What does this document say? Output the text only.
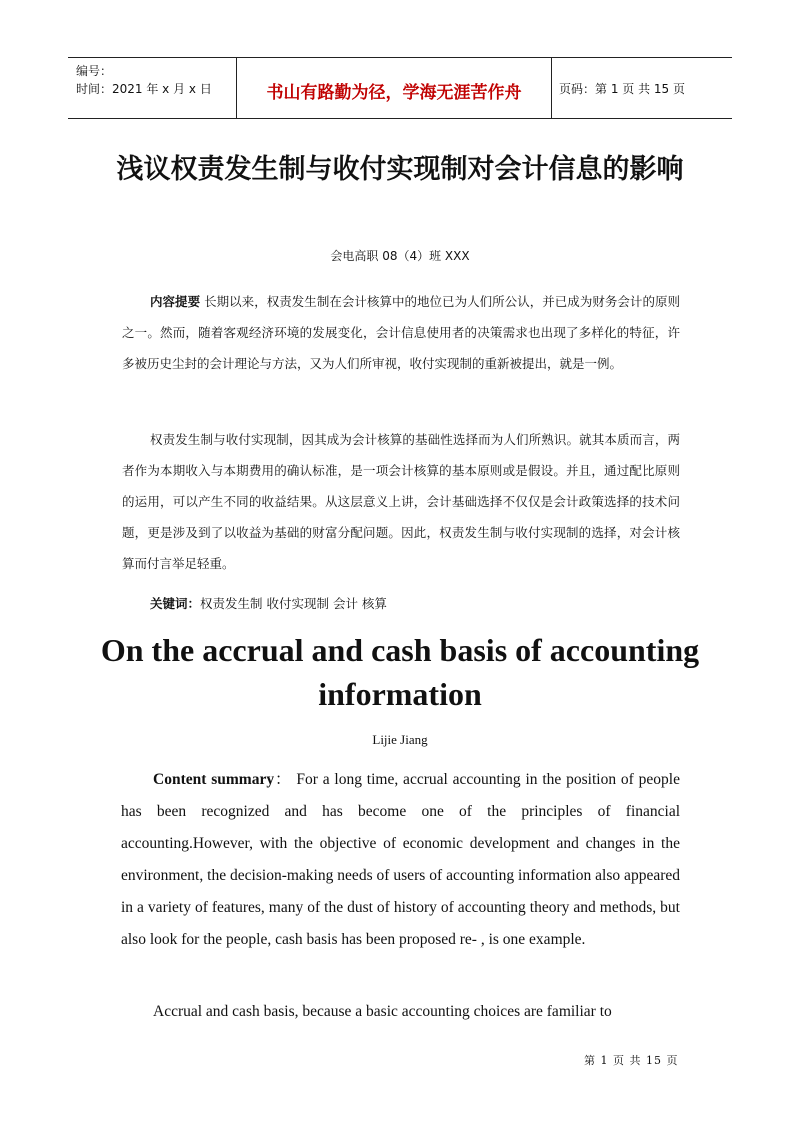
编号：
时间：2021 年 x 月 x 日	书山有路勤为径，学海无涯苦作舟	页码：第 1 页 共 15 页
浅议权责发生制与收付实现制对会计信息的影响
会电高职 08（4）班 XXX
内容提要 长期以来，权责发生制在会计核算中的地位已为人们所公认，并已成为财务会计的原则之一。然而，随着客观经济环境的发展变化，会计信息使用者的决策需求也出现了多样化的特征，许多被历史尘封的会计理论与方法，又为人们所审视，收付实现制的重新被提出，就是一例。
权责发生制与收付实现制，因其成为会计核算的基础性选择而为人们所熟识。就其本质而言，两者作为本期收入与本期费用的确认标准，是一项会计核算的基本原则或是假设。并且，通过配比原则的运用，可以产生不同的收益结果。从这层意义上讲，会计基础选择不仅仅是会计政策选择的技术问题，更是涉及到了以收益为基础的财富分配问题。因此，权责发生制与收付实现制的选择，对会计核算而付言举足轻重。
关键词：权责发生制 收付实现制 会计 核算
On the accrual and cash basis of accounting information
Lijie Jiang
Content summary： For a long time, accrual accounting in the position of people has been recognized and has become one of the principles of financial accounting.However, with the objective of economic development and changes in the environment, the decision-making needs of users of accounting information also appeared in a variety of features, many of the dust of history of accounting theory and methods, but also look for the people, cash basis has been proposed re- , is one example.
Accrual and cash basis, because a basic accounting choices are familiar to
第 1 页 共 15 页
